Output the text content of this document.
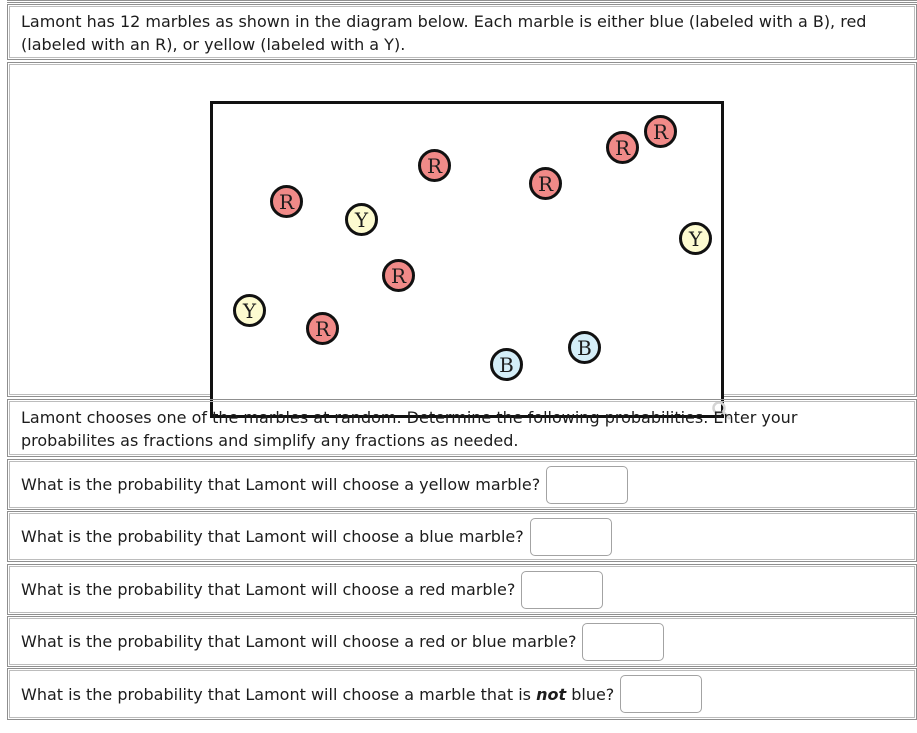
Lamont has 12 marbles as shown in the diagram below. Each marble is either blue (labeled with a B), red
(labeled with an R), or yellow (labeled with a Y).
R
R
R
R
R
R
R
Y
Y
Y
B
B
Lamont chooses one of the marbles at random. Determine the following probabilities. Enter your
probabilites as fractions and simplify any fractions as needed.
What is the probability that Lamont will choose a yellow marble?
What is the probability that Lamont will choose a blue marble?
What is the probability that Lamont will choose a red marble?
What is the probability that Lamont will choose a red or blue marble?
What is the probability that Lamont will choose a marble that is not blue?
